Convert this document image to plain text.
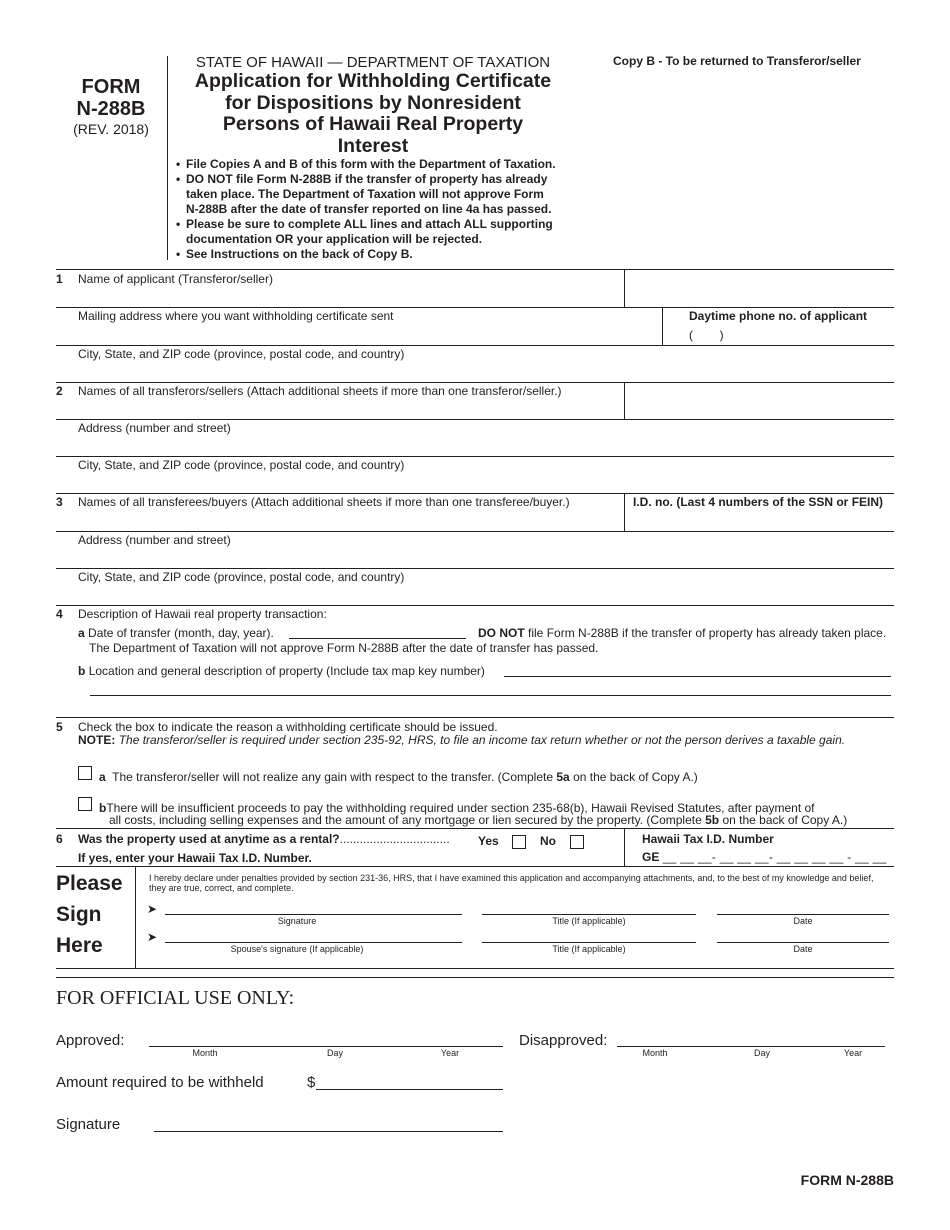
FORM
N-288B
(REV. 2018)
STATE OF HAWAII — DEPARTMENT OF TAXATION
Application for Withholding Certificate
for Dispositions by Nonresident
Persons of Hawaii Real Property
Interest
Copy B - To be returned to Transferor/seller
• File Copies A and B of this form with the Department of Taxation.
• DO NOT file Form N-288B if the transfer of property has already
taken place. The Department of Taxation will not approve Form
N-288B after the date of transfer reported on line 4a has passed.
• Please be sure to complete ALL lines and attach ALL supporting
documentation OR your application will be rejected.
• See Instructions on the back of Copy B.
1 Name of applicant (Transferor/seller)
Mailing address where you want withholding certificate sent	Daytime phone no. of applicant
(        )
City, State, and ZIP code (province, postal code, and country)
2 Names of all transferors/sellers (Attach additional sheets if more than one transferor/seller.)
Address (number and street)
City, State, and ZIP code (province, postal code, and country)
3 Names of all transferees/buyers (Attach additional sheets if more than one transferee/buyer.)	I.D. no. (Last 4 numbers of the SSN or FEIN)
Address (number and street)
City, State, and ZIP code (province, postal code, and country)
4 Description of Hawaii real property transaction:
a Date of transfer (month, day, year).	DO NOT file Form N-288B if the transfer of property has already taken place.
The Department of Taxation will not approve Form N-288B after the date of transfer has passed.
b Location and general description of property (Include tax map key number)
5 Check the box to indicate the reason a withholding certificate should be issued.
NOTE: The transferor/seller is required under section 235-92, HRS, to file an income tax return whether or not the person derives a taxable gain.
a The transferor/seller will not realize any gain with respect to the transfer. (Complete 5a on the back of Copy A.)
bThere will be insufficient proceeds to pay the withholding required under section 235-68(b), Hawaii Revised Statutes, after payment of
all costs, including selling expenses and the amount of any mortgage or lien secured by the property. (Complete 5b on the back of Copy A.)
6 Was the property used at anytime as a rental?................................. Yes	No
If yes, enter your Hawaii Tax I.D. Number.
Hawaii Tax I.D. Number
GE __ __ __- __ __ __- __ __ __ __ - __ __
Please
Sign
Here
I hereby declare under penalties provided by section 231-36, HRS, that I have examined this application and accompanying attachments, and, to the best of my knowledge and belief, they are true, correct, and complete.
➤
Signature	Title (If applicable)	Date
➤
Spouse's signature (If applicable)	Title (If applicable)	Date
FOR OFFICIAL USE ONLY:
Approved:
Month	Day	Year
Disapproved:
Month	Day	Year
Amount required to be withheld	$
Signature
FORM N-288B
